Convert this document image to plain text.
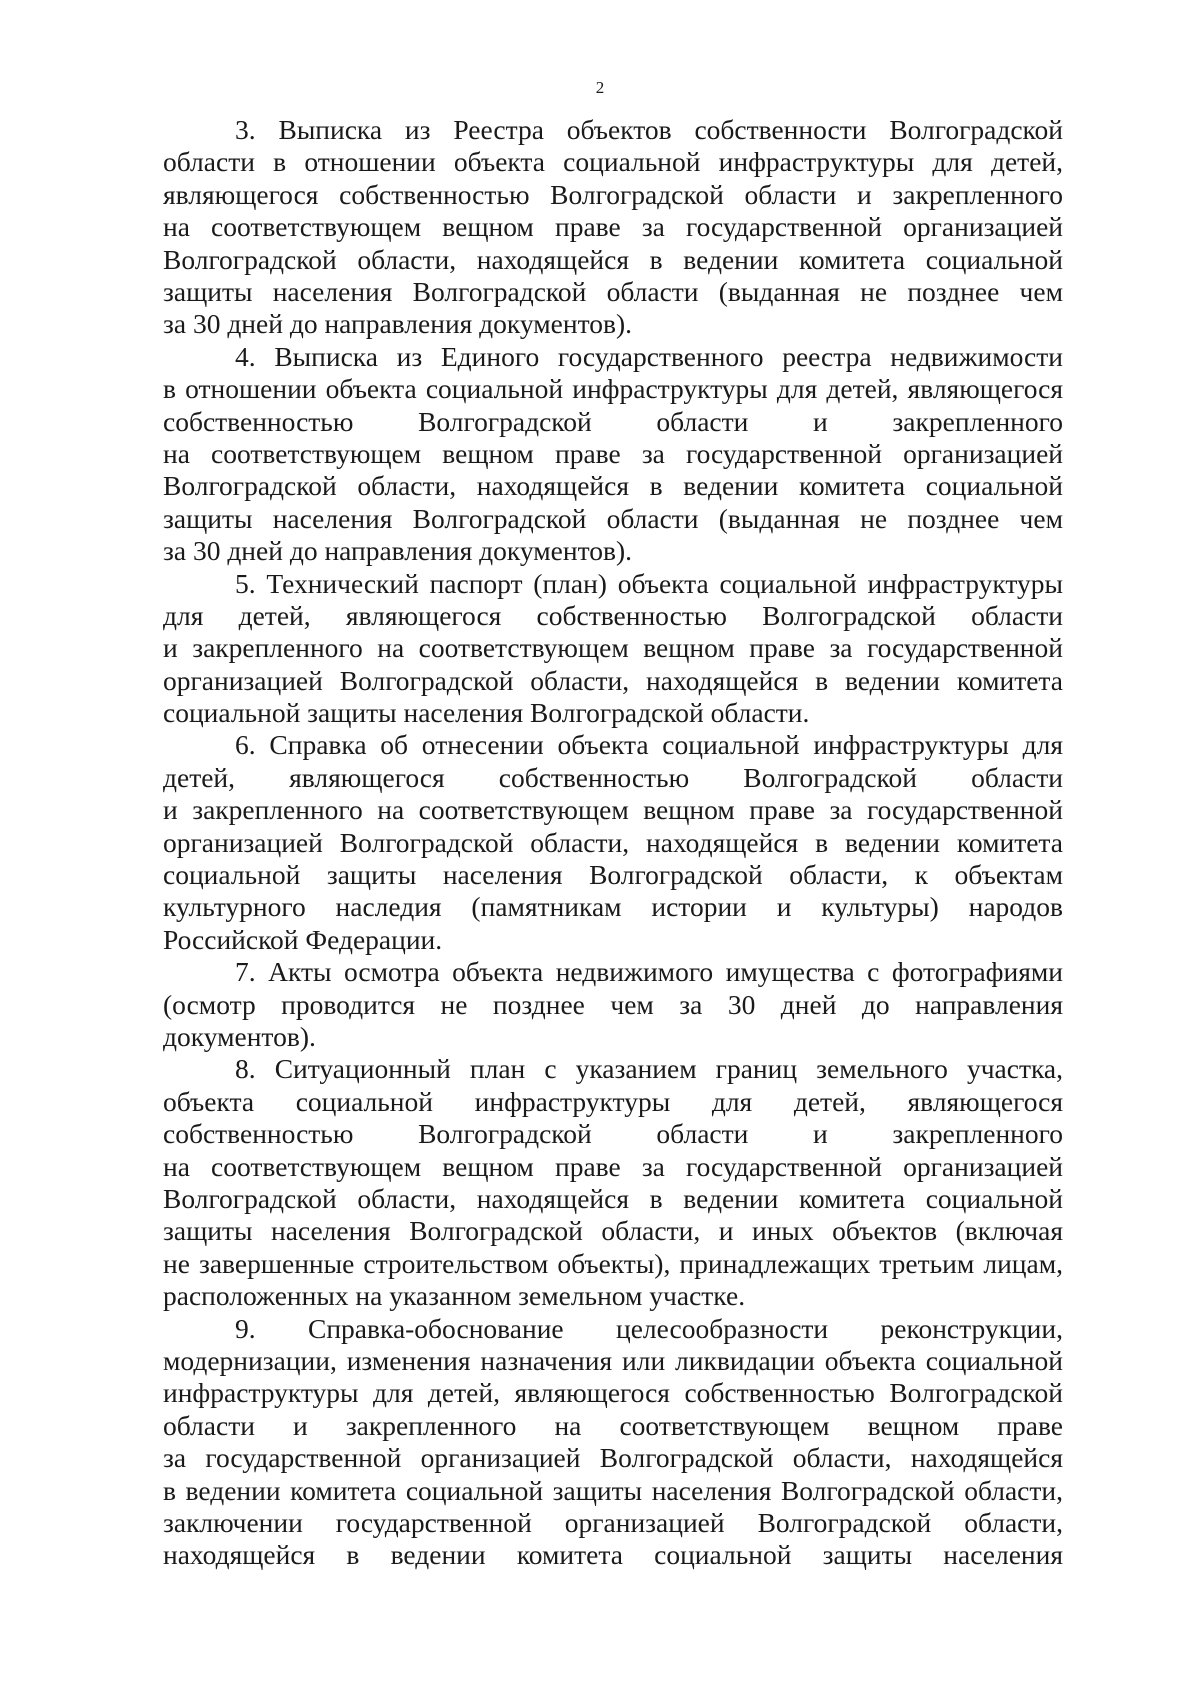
2
3. Выписка из Реестра объектов собственности Волгоградской
области в отношении объекта социальной инфраструктуры для детей,
являющегося собственностью Волгоградской области и закрепленного
на соответствующем вещном праве за государственной организацией
Волгоградской области, находящейся в ведении комитета социальной
защиты населения Волгоградской области (выданная не позднее чем
за 30 дней до направления документов).
4. Выписка из Единого государственного реестра недвижимости
в отношении объекта социальной инфраструктуры для детей, являющегося
собственностью Волгоградской области и закрепленного
на соответствующем вещном праве за государственной организацией
Волгоградской области, находящейся в ведении комитета социальной
защиты населения Волгоградской области (выданная не позднее чем
за 30 дней до направления документов).
5. Технический паспорт (план) объекта социальной инфраструктуры
для детей, являющегося собственностью Волгоградской области
и закрепленного на соответствующем вещном праве за государственной
организацией Волгоградской области, находящейся в ведении комитета
социальной защиты населения Волгоградской области.
6. Справка об отнесении объекта социальной инфраструктуры для
детей, являющегося собственностью Волгоградской области
и закрепленного на соответствующем вещном праве за государственной
организацией Волгоградской области, находящейся в ведении комитета
социальной защиты населения Волгоградской области, к объектам
культурного наследия (памятникам истории и культуры) народов
Российской Федерации.
7. Акты осмотра объекта недвижимого имущества с фотографиями
(осмотр проводится не позднее чем за 30 дней до направления
документов).
8. Ситуационный план с указанием границ земельного участка,
объекта социальной инфраструктуры для детей, являющегося
собственностью Волгоградской области и закрепленного
на соответствующем вещном праве за государственной организацией
Волгоградской области, находящейся в ведении комитета социальной
защиты населения Волгоградской области, и иных объектов (включая
не завершенные строительством объекты), принадлежащих третьим лицам,
расположенных на указанном земельном участке.
9. Справка-обоснование целесообразности реконструкции,
модернизации, изменения назначения или ликвидации объекта социальной
инфраструктуры для детей, являющегося собственностью Волгоградской
области и закрепленного на соответствующем вещном праве
за государственной организацией Волгоградской области, находящейся
в ведении комитета социальной защиты населения Волгоградской области,
заключении государственной организацией Волгоградской области,
находящейся в ведении комитета социальной защиты населения
